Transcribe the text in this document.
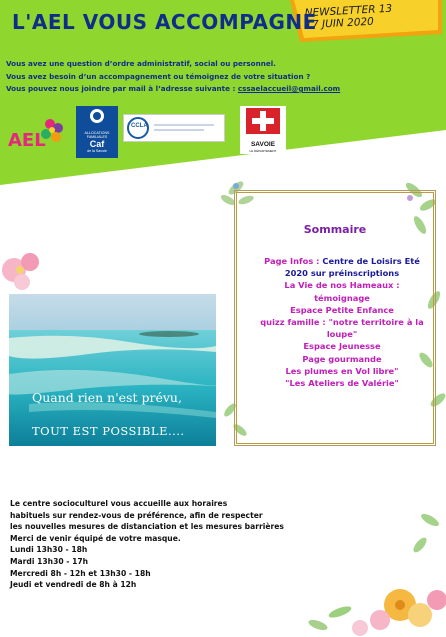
NEWSLETTER 13
17 JUIN 2020
L'AEL VOUS ACCOMPAGNE

Vous avez une question d’ordre administratif, social ou personnel.

Vous avez besoin d’un accompagnement ou témoignez de votre situation ?

Vous pouvez nous joindre par mail à l’adresse suivante : cssaelaccueil@gmail.com

AEL	ALLOCATIONS
FAMILIALES
Caf
de la Savoie
CCLA
SAVOIE
LE DÉPARTEMENT
Sommaire
Page Infos : Centre de Loisirs Eté 2020 sur préinscriptions
La Vie de nos Hameaux : témoignage
Espace Petite Enfance
quizz famille : "notre territoire à la loupe"
Espace Jeunesse
Page gourmande
Les plumes en Vol libre"
"Les Ateliers de Valérie"
Quand rien n'est prévu,
TOUT EST POSSIBLE....

Le centre socioculturel vous accueille aux horaires

habituels sur rendez-vous de préférence, afin de respecter

les nouvelles mesures de distanciation et les mesures barrières

Merci de venir équipé de votre masque.

Lundi 13h30 - 18h

Mardi 13h30 - 17h

Mercredi 8h - 12h et 13h30 - 18h

Jeudi et vendredi de 8h à 12h
